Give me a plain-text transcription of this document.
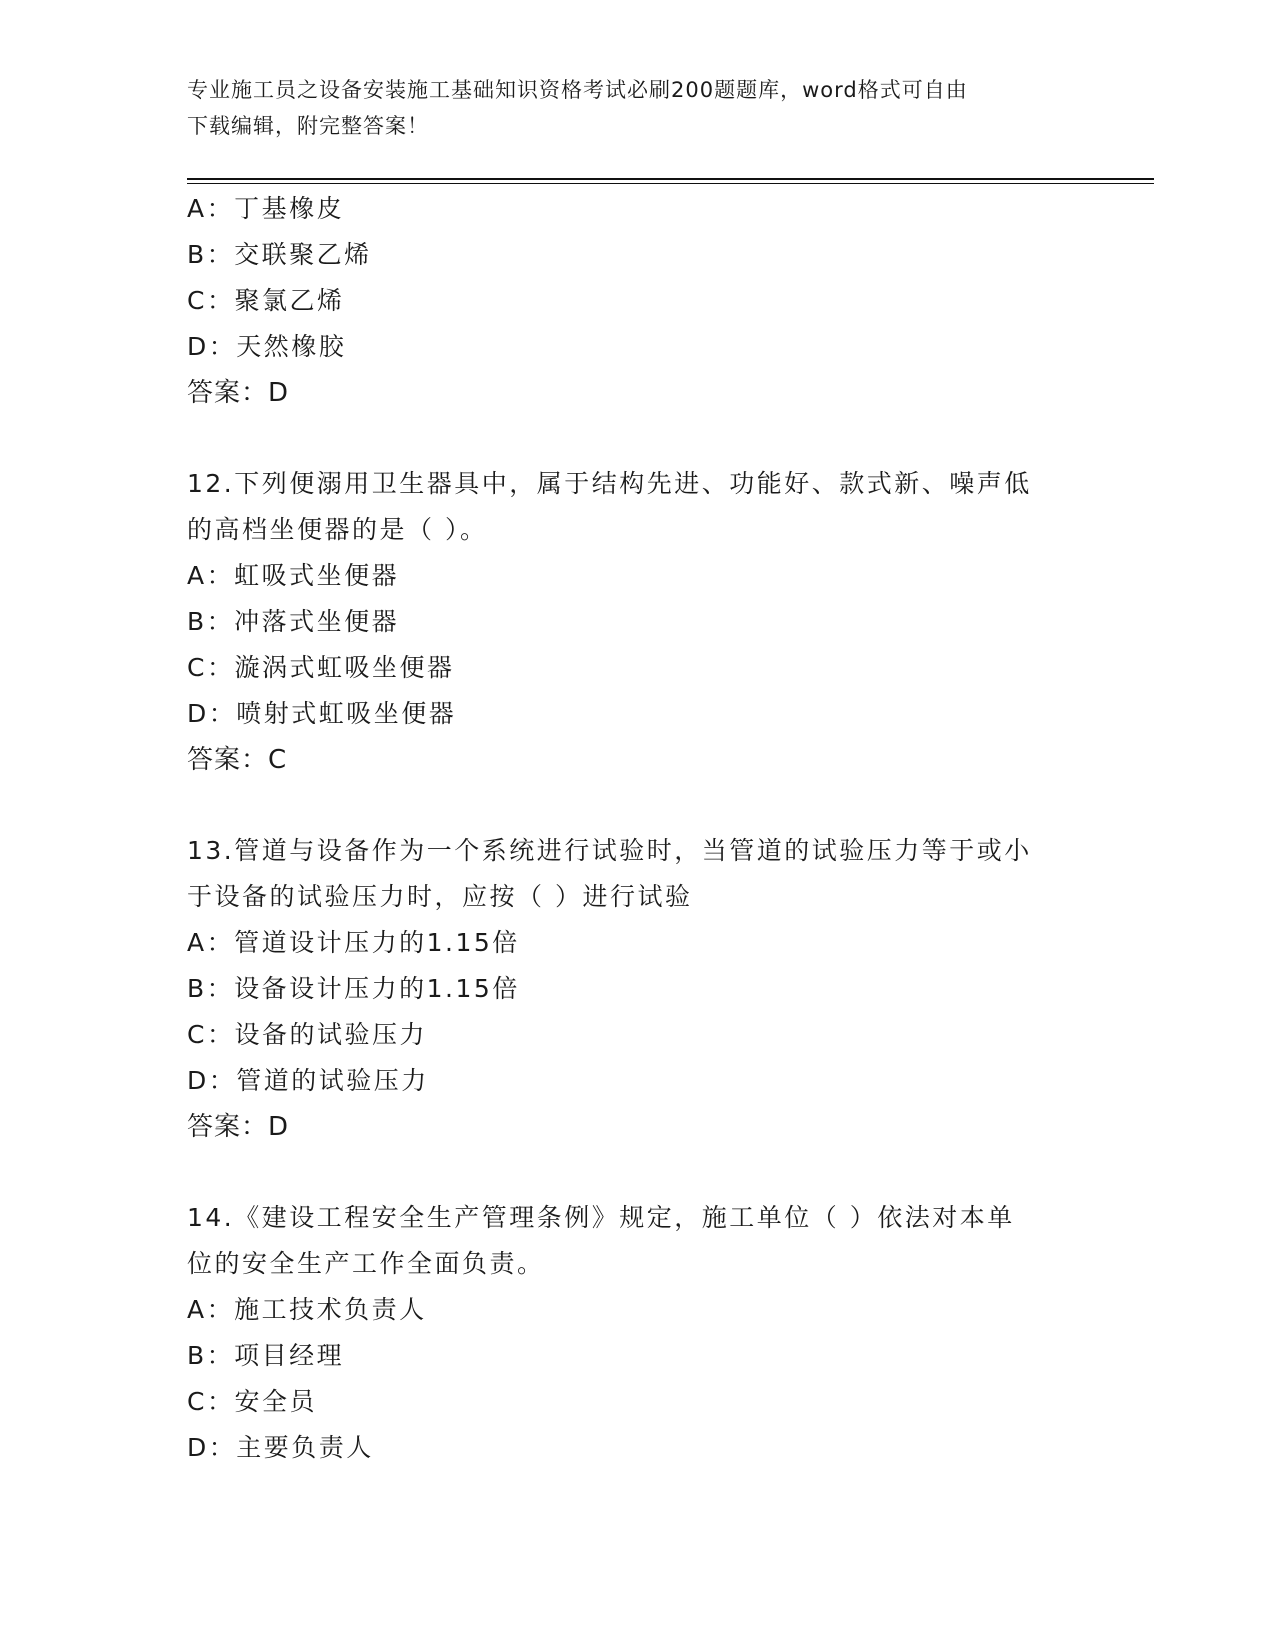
专业施工员之设备安装施工基础知识资格考试必刷200题题库，word格式可自由
下载编辑，附完整答案！
A：丁基橡皮
B：交联聚乙烯
C：聚氯乙烯
D：天然橡胶
答案：D
12.下列便溺用卫生器具中，属于结构先进、功能好、款式新、噪声低
的高档坐便器的是（ ）。
A：虹吸式坐便器
B：冲落式坐便器
C：漩涡式虹吸坐便器
D：喷射式虹吸坐便器
答案：C
13.管道与设备作为一个系统进行试验时，当管道的试验压力等于或小
于设备的试验压力时，应按（ ）进行试验
A：管道设计压力的1.15倍
B：设备设计压力的1.15倍
C：设备的试验压力
D：管道的试验压力
答案：D
14.《建设工程安全生产管理条例》规定，施工单位（ ）依法对本单
位的安全生产工作全面负责。
A：施工技术负责人
B：项目经理
C：安全员
D：主要负责人
